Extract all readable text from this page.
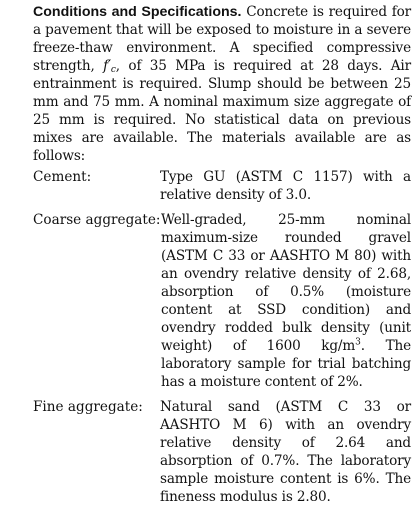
Conditions and Specifications. Concrete is required for a pavement that will be exposed to moisture in a severe freeze-thaw environment. A specified compressive strength, $f'_c$, of 35 MPa is required at 28 days. Air entrainment is required. Slump should be between 25 mm and 75 mm. A nominal maximum size aggregate of 25 mm is required. No statistical data on previous mixes are available. The materials available are as follows:

Cement:	Type GU (ASTM C 1157) with a relative density of 3.0.

Coarse aggregate: Well-graded, 25-mm nominal maximum-size rounded gravel (ASTM C 33 or AASHTO M 80) with an ovendry relative density of 2.68, absorption of 0.5% (moisture content at SSD condition) and ovendry rodded bulk density (unit weight) of 1600 $kg/m^3$. The laboratory sample for trial batching has a moisture content of 2%.

Fine aggregate:	Natural sand (ASTM C 33 or AASHTO M 6) with an ovendry relative density of 2.64 and absorption of 0.7%. The laboratory sample moisture content is 6%. The fineness modulus is 2.80.
